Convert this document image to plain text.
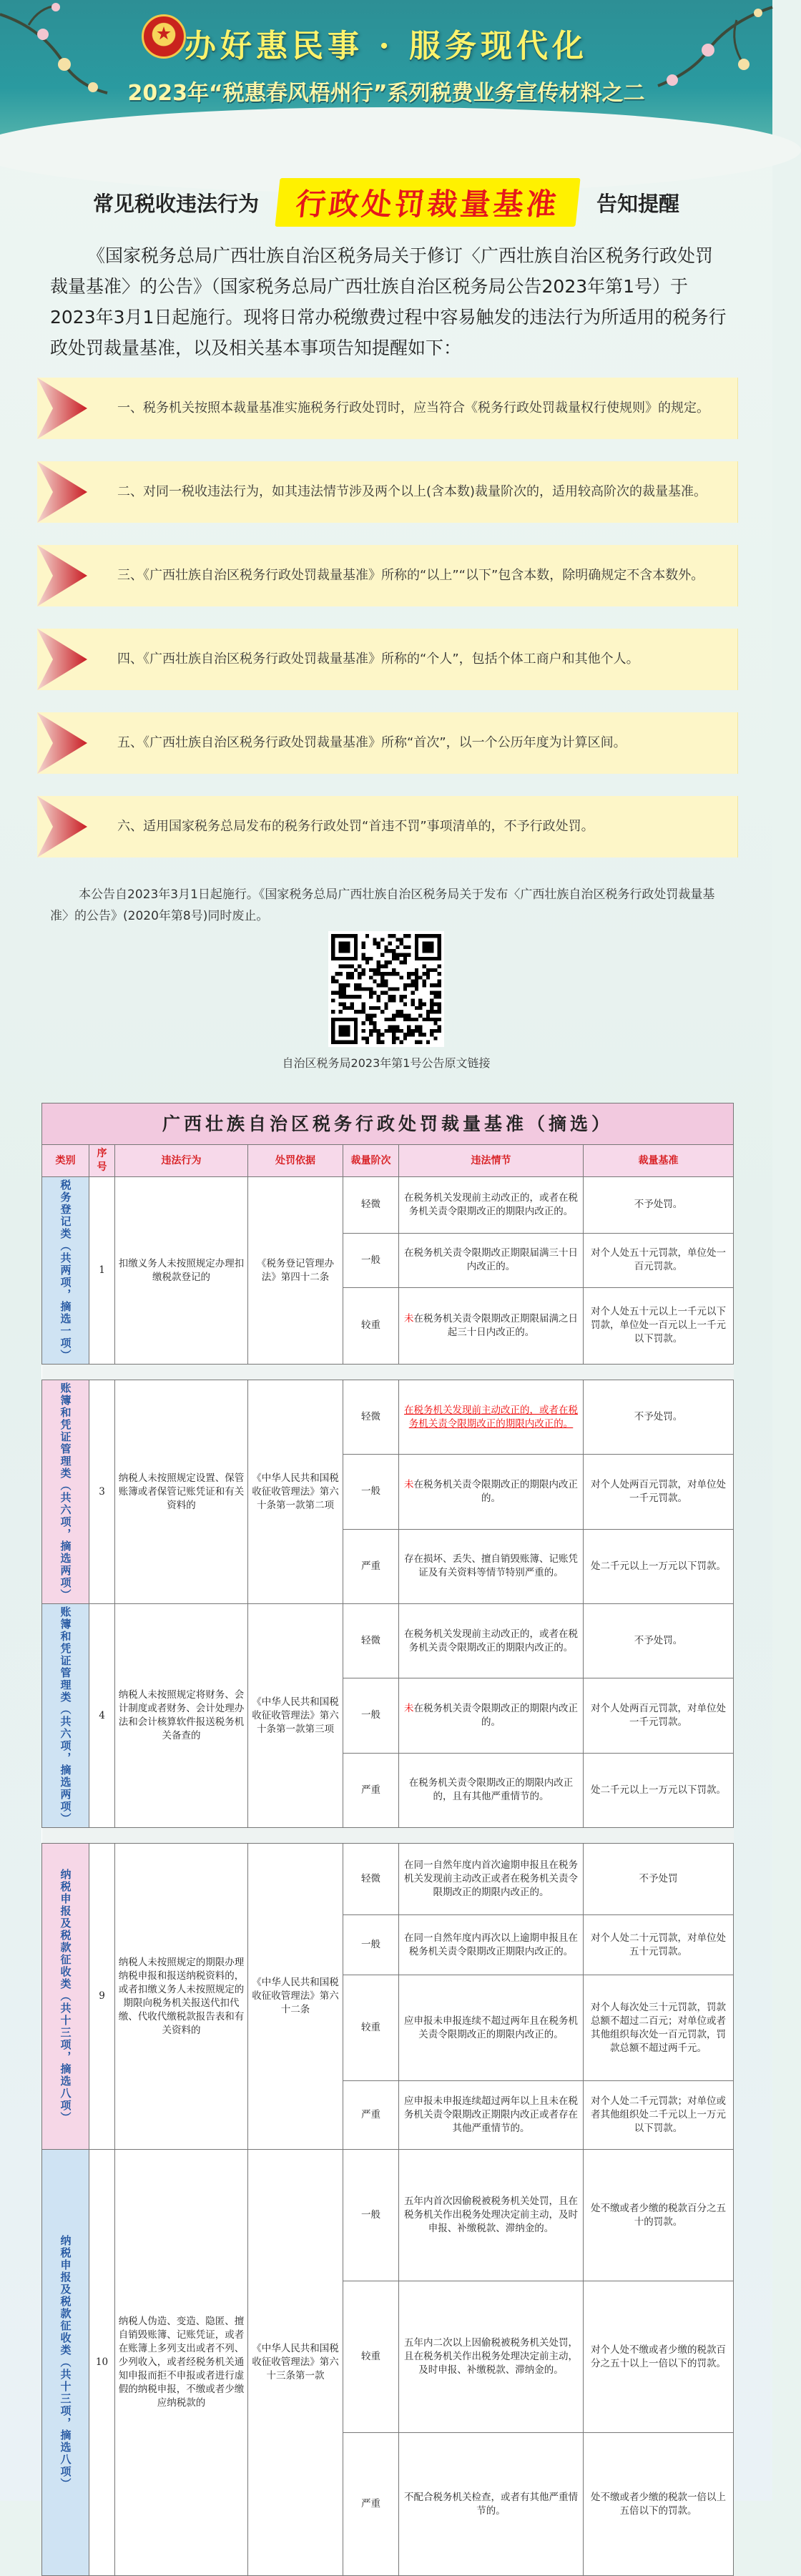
办好惠民事 · 服务现代化
2023年“税惠春风梧州行”系列税费业务宣传材料之二
常见税收违法行为	行政处罚裁量基准	告知提醒

《国家税务总局广西壮族自治区税务局关于修订〈广西壮族自治区税务行政处罚裁量基准〉的公告》（国家税务总局广西壮族自治区税务局公告2023年第1号）于2023年3月1日起施行。现将日常办税缴费过程中容易触发的违法行为所适用的税务行政处罚裁量基准，以及相关基本事项告知提醒如下：

一、税务机关按照本裁量基准实施税务行政处罚时，应当符合《税务行政处罚裁量权行使规则》的规定。
二、对同一税收违法行为，如其违法情节涉及两个以上(含本数)裁量阶次的，适用较高阶次的裁量基准。
三、《广西壮族自治区税务行政处罚裁量基准》所称的“以上”“以下”包含本数，除明确规定不含本数外。
四、《广西壮族自治区税务行政处罚裁量基准》所称的“个人”，包括个体工商户和其他个人。
五、《广西壮族自治区税务行政处罚裁量基准》所称“首次”，以一个公历年度为计算区间。
六、适用国家税务总局发布的税务行政处罚“首违不罚”事项清单的，不予行政处罚。

本公告自2023年3月1日起施行。《国家税务总局广西壮族自治区税务局关于发布〈广西壮族自治区税务行政处罚裁量基准〉的公告》(2020年第8号)同时废止。

自治区税务局2023年第1号公告原文链接
广西壮族自治区税务行政处罚裁量基准（摘选）						
类别	序号	违法行为	处罚依据	裁量阶次	违法情节	裁量基准

税务登记类（共两项，摘选一项）	1	扣缴义务人未按照规定办理扣缴税款登记的	《税务登记管理办法》第四十二条	轻微	在税务机关发现前主动改正的，或者在税务机关责令限期改正的期限内改正的。	不予处罚。
				一般	在税务机关责令限期改正期限届满三十日内改正的。	对个人处五十元罚款，单位处一百元罚款。
				较重	未在税务机关责令限期改正期限届满之日起三十日内改正的。	对个人处五十元以上一千元以下罚款，单位处一百元以上一千元以下罚款。

账簿和凭证管理类（共六项，摘选两项）	3	纳税人未按照规定设置、保管账簿或者保管记账凭证和有关资料的	《中华人民共和国税收征收管理法》第六十条第一款第二项	轻微	在税务机关发现前主动改正的，或者在税务机关责令限期改正的期限内改正的。	不予处罚。
				一般	未在税务机关责令限期改正的期限内改正的。	对个人处两百元罚款，对单位处一千元罚款。
				严重	存在损坏、丢失、擅自销毁账簿、记账凭证及有关资料等情节特别严重的。	处二千元以上一万元以下罚款。

账簿和凭证管理类（共六项，摘选两项）	4	纳税人未按照规定将财务、会计制度或者财务、会计处理办法和会计核算软件报送税务机关备查的	《中华人民共和国税收征收管理法》第六十条第一款第三项	轻微	在税务机关发现前主动改正的，或者在税务机关责令限期改正的期限内改正的。	不予处罚。
				一般	未在税务机关责令限期改正的期限内改正的。	对个人处两百元罚款，对单位处一千元罚款。
				严重	在税务机关责令限期改正的期限内改正的，且有其他严重情节的。	处二千元以上一万元以下罚款。

纳税申报及税款征收类（共十三项，摘选八项）	9	纳税人未按照规定的期限办理纳税申报和报送纳税资料的，或者扣缴义务人未按照规定的期限向税务机关报送代扣代缴、代收代缴税款报告表和有关资料的	《中华人民共和国税收征收管理法》第六十二条	轻微	在同一自然年度内首次逾期申报且在税务机关发现前主动改正或者在税务机关责令限期改正的期限内改正的。	不予处罚
				一般	在同一自然年度内再次以上逾期申报且在税务机关责令限期改正期限内改正的。	对个人处二十元罚款，对单位处五十元罚款。
				较重	应申报未申报连续不超过两年且在税务机关责令限期改正的期限内改正的。	对个人每次处三十元罚款，罚款总额不超过二百元；对单位或者其他组织每次处一百元罚款，罚款总额不超过两千元。
				严重	应申报未申报连续超过两年以上且未在税务机关责令限期改正期限内改正或者存在其他严重情节的。	对个人处二千元罚款；对单位或者其他组织处二千元以上一万元以下罚款。

纳税申报及税款征收类（共十三项，摘选八项）	10	纳税人伪造、变造、隐匿、擅自销毁账簿、记账凭证，或者在账簿上多列支出或者不列、少列收入，或者经税务机关通知申报而拒不申报或者进行虚假的纳税申报，不缴或者少缴应纳税款的	《中华人民共和国税收征收管理法》第六十三条第一款	一般	五年内首次因偷税被税务机关处罚，且在税务机关作出税务处理决定前主动，及时申报、补缴税款、滞纳金的。	处不缴或者少缴的税款百分之五十的罚款。
				较重	五年内二次以上因偷税被税务机关处罚，且在税务机关作出税务处理决定前主动，及时申报、补缴税款、滞纳金的。	对个人处不缴或者少缴的税款百分之五十以上一倍以下的罚款。
				严重	不配合税务机关检查，或者有其他严重情节的。	处不缴或者少缴的税款一倍以上五倍以下的罚款。
